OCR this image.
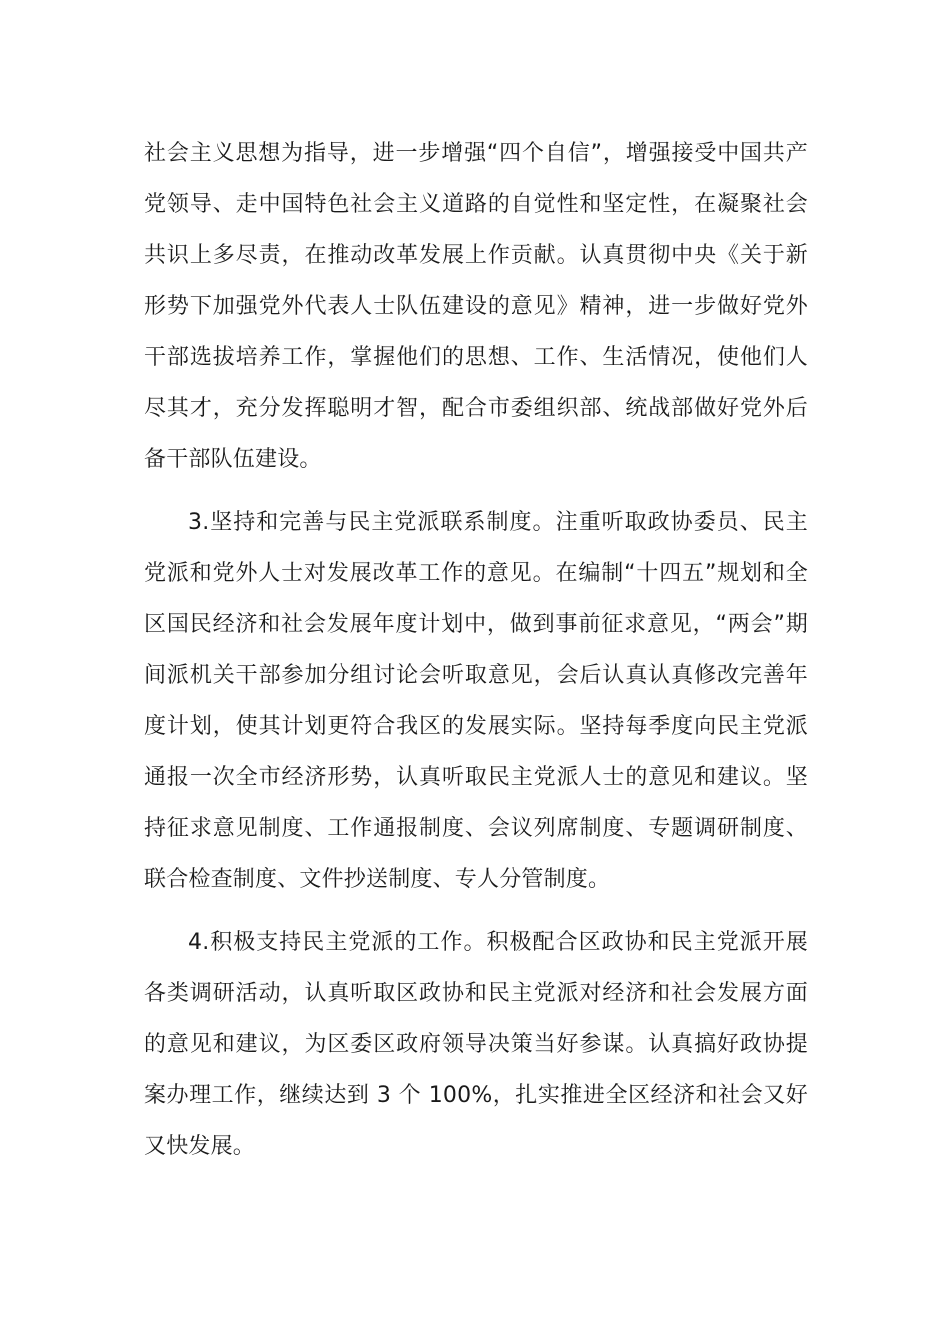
社会主义思想为指导，进一步增强“四个自信”，增强接受中国共产党领导、走中国特色社会主义道路的自觉性和坚定性，在凝聚社会共识上多尽责，在推动改革发展上作贡献。认真贯彻中央《关于新形势下加强党外代表人士队伍建设的意见》精神，进一步做好党外干部选拔培养工作，掌握他们的思想、工作、生活情况，使他们人尽其才，充分发挥聪明才智，配合市委组织部、统战部做好党外后备干部队伍建设。

3.坚持和完善与民主党派联系制度。注重听取政协委员、民主党派和党外人士对发展改革工作的意见。在编制“十四五”规划和全区国民经济和社会发展年度计划中，做到事前征求意见，“两会”期间派机关干部参加分组讨论会听取意见，会后认真认真修改完善年度计划，使其计划更符合我区的发展实际。坚持每季度向民主党派通报一次全市经济形势，认真听取民主党派人士的意见和建议。坚持征求意见制度、工作通报制度、会议列席制度、专题调研制度、联合检查制度、文件抄送制度、专人分管制度。

4.积极支持民主党派的工作。积极配合区政协和民主党派开展各类调研活动，认真听取区政协和民主党派对经济和社会发展方面的意见和建议，为区委区政府领导决策当好参谋。认真搞好政协提案办理工作，继续达到 3 个 100%，扎实推进全区经济和社会又好又快发展。
